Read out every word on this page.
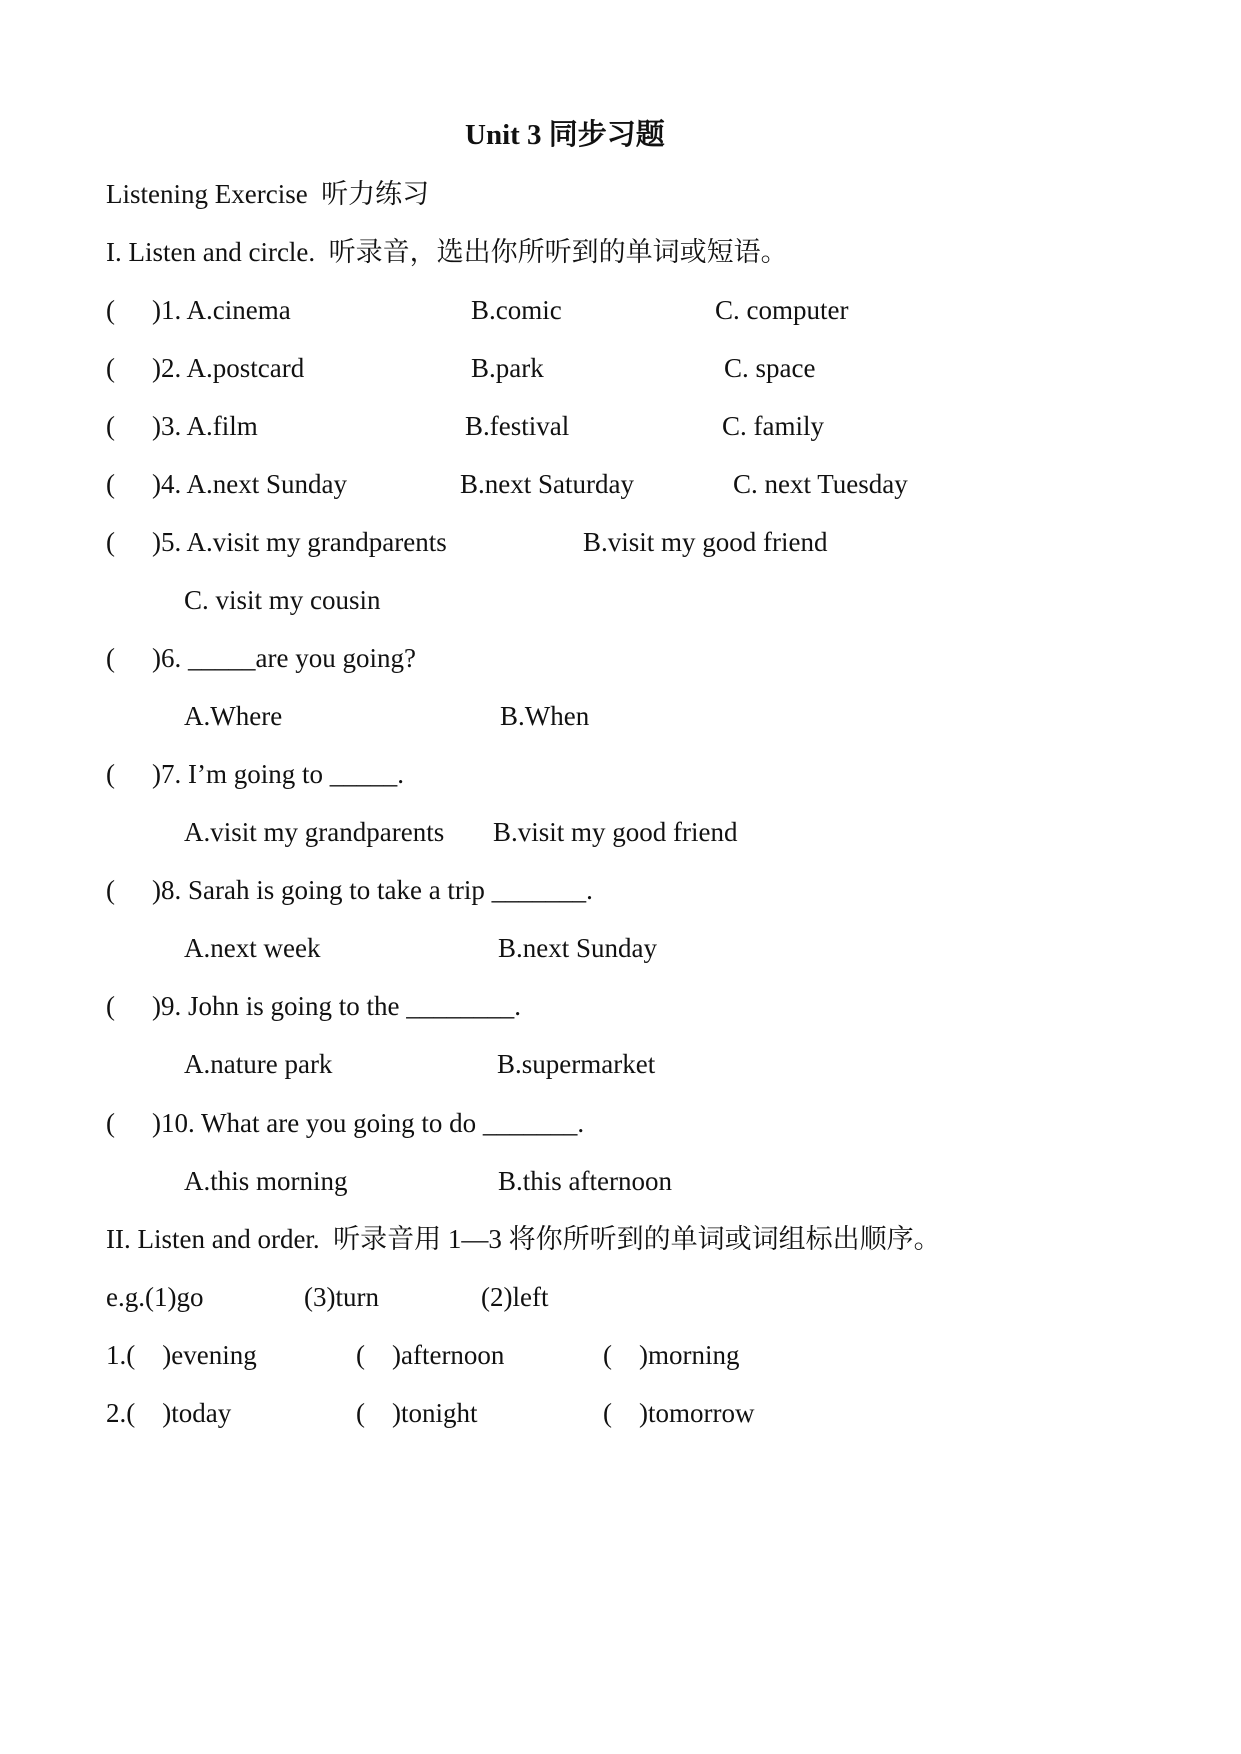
Unit 3 同步习题
Listening Exercise  听力练习
I. Listen and circle.  听录音，选出你所听到的单词或短语。
( )1. A.cinema	B.comic	C. computer
( )2. A.postcard	B.park	C. space
( )3. A.film	B.festival	C. family
( )4. A.next Sunday	B.next Saturday	C. next Tuesday
( )5. A.visit my grandparents	B.visit my good friend
C. visit my cousin
( )6. _____are you going?
A.Where	B.When
( )7. I’m going to _____.
A.visit my grandparents B.visit my good friend
( )8. Sarah is going to take a trip _______.
A.next week	B.next Sunday
( )9. John is going to the ________.
A.nature park	B.supermarket
( )10. What are you going to do _______.
A.this morning	B.this afternoon
II. Listen and order.  听录音用 1—3 将你所听到的单词或词组标出顺序。
e.g.(1)go	(3)turn	(2)left
1.(    )evening	(    )afternoon	(    )morning
2.(    )today	(    )tonight	(    )tomorrow
